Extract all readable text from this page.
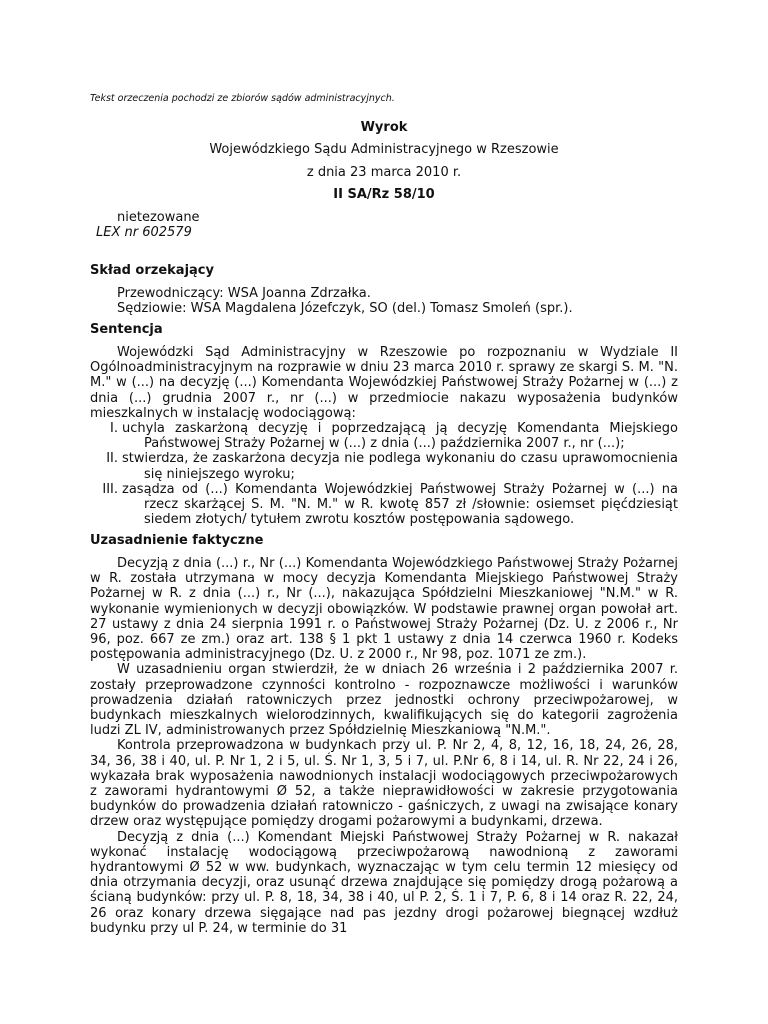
Tekst orzeczenia pochodzi ze zbiorów sądów administracyjnych.
Wyrok
Wojewódzkiego Sądu Administracyjnego w Rzeszowie
z dnia 23 marca 2010 r.
II SA/Rz 58/10
nietezowane
LEX nr 602579
Skład orzekający
Przewodniczący: WSA Joanna Zdrzałka.
Sędziowie: WSA Magdalena Józefczyk, SO (del.) Tomasz Smoleń (spr.).
Sentencja
Wojewódzki Sąd Administracyjny w Rzeszowie po rozpoznaniu w Wydziale II Ogólnoadministracyjnym na rozprawie w dniu 23 marca 2010 r. sprawy ze skargi S. M. "N. M." w (...) na decyzję (...) Komendanta Wojewódzkiej Państwowej Straży Pożarnej w (...) z dnia (...) grudnia 2007 r., nr (...) w przedmiocie nakazu wyposażenia budynków mieszkalnych w instalację wodociągową:
I. uchyla zaskarżoną decyzję i poprzedzającą ją decyzję Komendanta Miejskiego Państwowej Straży Pożarnej w (...) z dnia (...) października 2007 r., nr (...);
II. stwierdza, że zaskarżona decyzja nie podlega wykonaniu do czasu uprawomocnienia się niniejszego wyroku;
III. zasądza od (...) Komendanta Wojewódzkiej Państwowej Straży Pożarnej w (...) na rzecz skarżącej S. M. "N. M." w R. kwotę 857 zł /słownie: osiemset pięćdziesiąt siedem złotych/ tytułem zwrotu kosztów postępowania sądowego.
Uzasadnienie faktyczne

Decyzją z dnia (...) r., Nr (...) Komendanta Wojewódzkiego Państwowej Straży Pożarnej w R. została utrzymana w mocy decyzja Komendanta Miejskiego Państwowej Straży Pożarnej w R. z dnia (...) r., Nr (...), nakazująca Spółdzielni Mieszkaniowej "N.M." w R. wykonanie wymienionych w decyzji obowiązków. W podstawie prawnej organ powołał art. 27 ustawy z dnia 24 sierpnia 1991 r. o Państwowej Straży Pożarnej (Dz. U. z 2006 r., Nr 96, poz. 667 ze zm.) oraz art. 138 § 1 pkt 1 ustawy z dnia 14 czerwca 1960 r. Kodeks postępowania administracyjnego (Dz. U. z 2000 r., Nr 98, poz. 1071 ze zm.).

W uzasadnieniu organ stwierdził, że w dniach 26 września i 2 października 2007 r. zostały przeprowadzone czynności kontrolno - rozpoznawcze możliwości i warunków prowadzenia działań ratowniczych przez jednostki ochrony przeciwpożarowej, w budynkach mieszkalnych wielorodzinnych, kwalifikujących się do kategorii zagrożenia ludzi ZL IV, administrowanych przez Spółdzielnię Mieszkaniową "N.M.".

Kontrola przeprowadzona w budynkach przy ul. P. Nr 2, 4, 8, 12, 16, 18, 24, 26, 28, 34, 36, 38 i 40, ul. P. Nr 1, 2 i 5, ul. Ś. Nr 1, 3, 5 i 7, ul. P.Nr 6, 8 i 14, ul. R. Nr 22, 24 i 26, wykazała brak wyposażenia nawodnionych instalacji wodociągowych przeciwpożarowych z zaworami hydrantowymi Ø 52, a także nieprawidłowości w zakresie przygotowania budynków do prowadzenia działań ratowniczo - gaśniczych, z uwagi na zwisające konary drzew oraz występujące pomiędzy drogami pożarowymi a budynkami, drzewa.

Decyzją z dnia (...) Komendant Miejski Państwowej Straży Pożarnej w R. nakazał wykonać instalację wodociągową przeciwpożarową nawodnioną z zaworami hydrantowymi Ø 52 w ww. budynkach, wyznaczając w tym celu termin 12 miesięcy od dnia otrzymania decyzji, oraz usunąć drzewa znajdujące się pomiędzy drogą pożarową a ścianą budynków: przy ul. P. 8, 18, 34, 38 i 40, ul P. 2, Ś. 1 i 7, P. 6, 8 i 14 oraz R. 22, 24, 26 oraz konary drzewa sięgające nad pas jezdny drogi pożarowej biegnącej wzdłuż budynku przy ul P. 24, w terminie do 31
